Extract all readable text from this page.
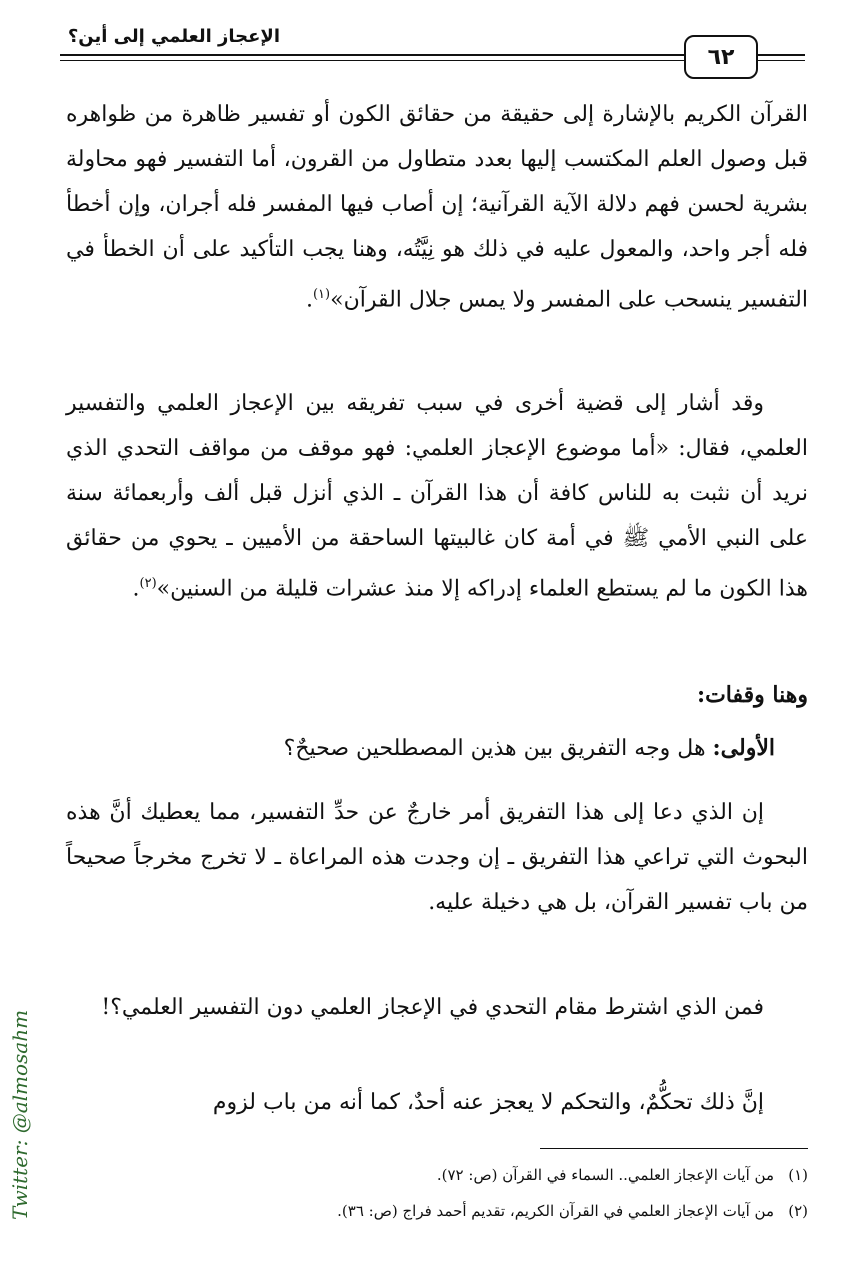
الإعجاز العلمي إلى أين؟
٦٢
القرآن الكريم بالإشارة إلى حقيقة من حقائق الكون أو تفسير ظاهرة من ظواهره قبل وصول العلم المكتسب إليها بعدد متطاول من القرون، أما التفسير فهو محاولة بشرية لحسن فهم دلالة الآية القرآنية؛ إن أصاب فيها المفسر فله أجران، وإن أخطأ فله أجر واحد، والمعول عليه في ذلك هو نِيَّتُه، وهنا يجب التأكيد على أن الخطأ في التفسير ينسحب على المفسر ولا يمس جلال القرآن»$^{(١)}$.
وقد أشار إلى قضية أخرى في سبب تفريقه بين الإعجاز العلمي والتفسير العلمي، فقال: «أما موضوع الإعجاز العلمي: فهو موقف من مواقف التحدي الذي نريد أن نثبت به للناس كافة أن هذا القرآن ـ الذي أنزل قبل ألف وأربعمائة سنة على النبي الأمي ﷺ في أمة كان غالبيتها الساحقة من الأميين ـ يحوي من حقائق هذا الكون ما لم يستطع العلماء إدراكه إلا منذ عشرات قليلة من السنين»$^{(٢)}$.
وهنا وقفات:
الأولى: هل وجه التفريق بين هذين المصطلحين صحيحٌ؟
إن الذي دعا إلى هذا التفريق أمر خارجٌ عن حدِّ التفسير، مما يعطيك أنَّ هذه البحوث التي تراعي هذا التفريق ـ إن وجدت هذه المراعاة ـ لا تخرج مخرجاً صحيحاً من باب تفسير القرآن، بل هي دخيلة عليه.
فمن الذي اشترط مقام التحدي في الإعجاز العلمي دون التفسير العلمي؟!
إنَّ ذلك تحكُّمٌ، والتحكم لا يعجز عنه أحدٌ، كما أنه من باب لزوم
(١)من آيات الإعجاز العلمي.. السماء في القرآن (ص: ٧٢).
(٢)من آيات الإعجاز العلمي في القرآن الكريم، تقديم أحمد فراج (ص: ٣٦).
Twitter: @almosahm
